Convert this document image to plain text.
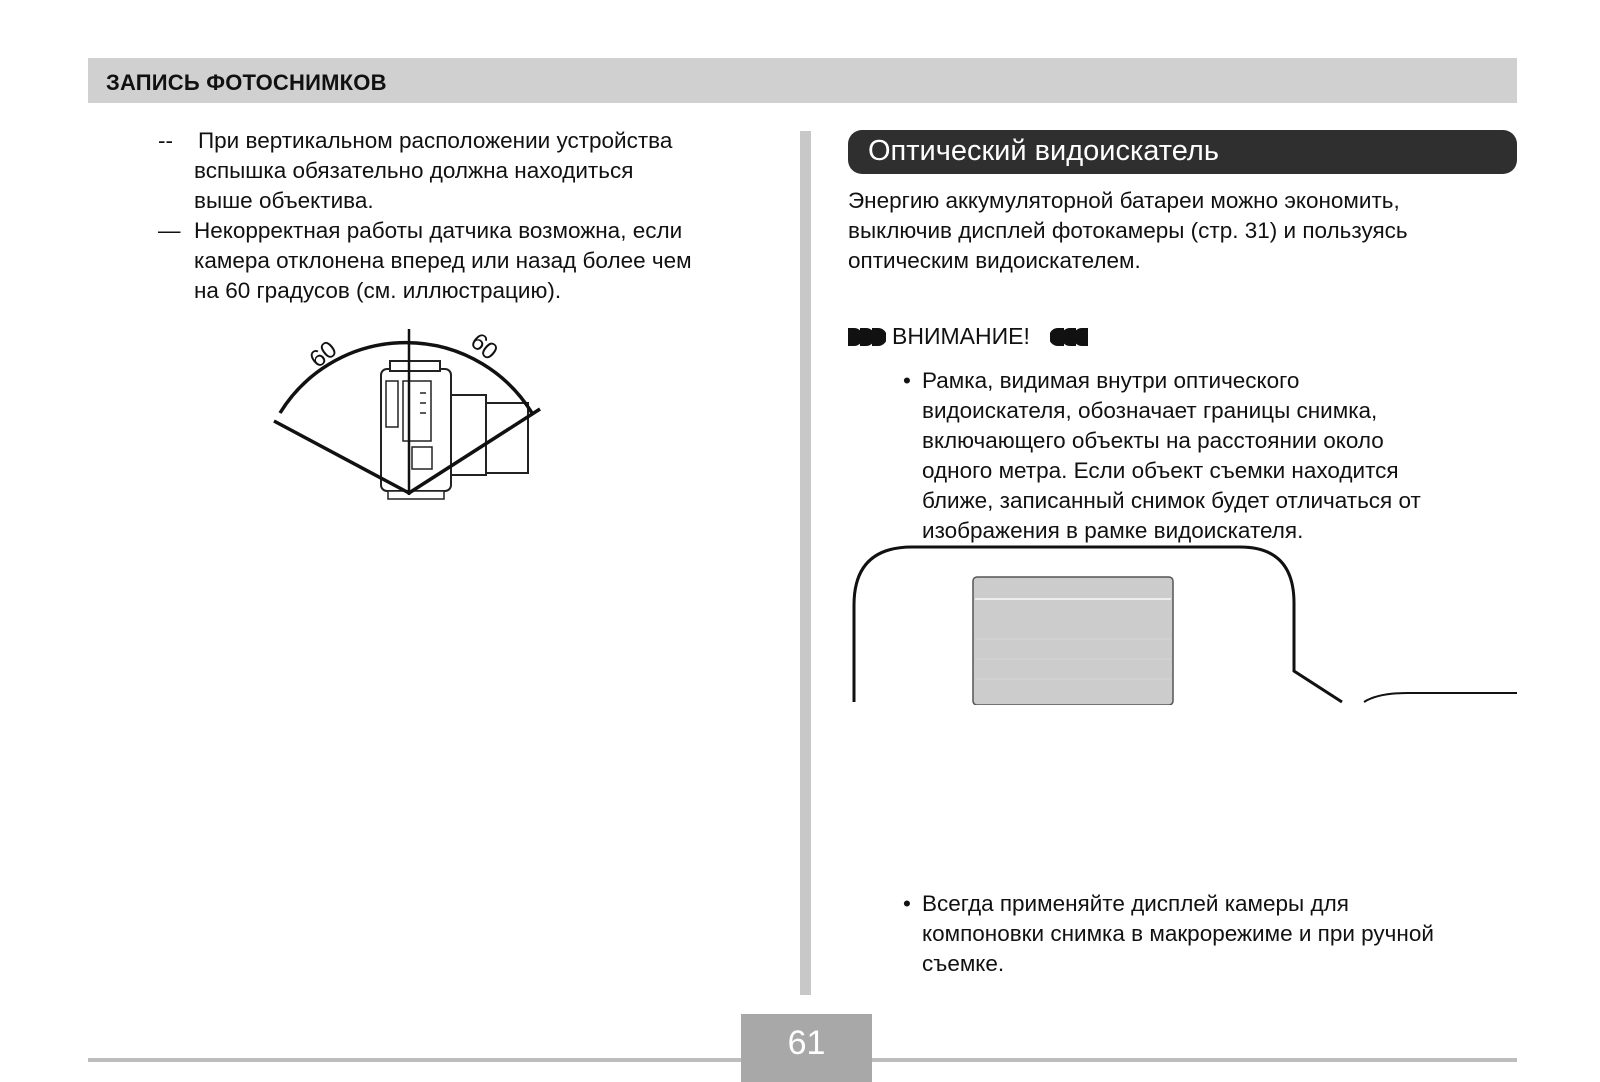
ЗАПИСЬ ФОТОСНИМКОВ
-- При вертикальном расположении устройства
вспышка обязательно должна находиться
выше объектива.
— Некорректная работы датчика возможна, если
камера отклонена вперед или назад более чем
на 60 градусов (см. иллюстрацию).
60	60
Оптический видоискатель
Энергию аккумуляторной батареи можно экономить,
выключив дисплей фотокамеры (стр. 31) и пользуясь
оптическим видоискателем.
ВНИМАНИЕ!
• Рамка, видимая внутри оптического
видоискателя, обозначает границы снимка,
включающего объекты на расстоянии около
одного метра. Если объект съемки находится
ближе, записанный снимок будет отличаться от
изображения в рамке видоискателя.
• Всегда применяйте дисплей камеры для
компоновки снимка в макрорежиме и при ручной
съемке.
61
